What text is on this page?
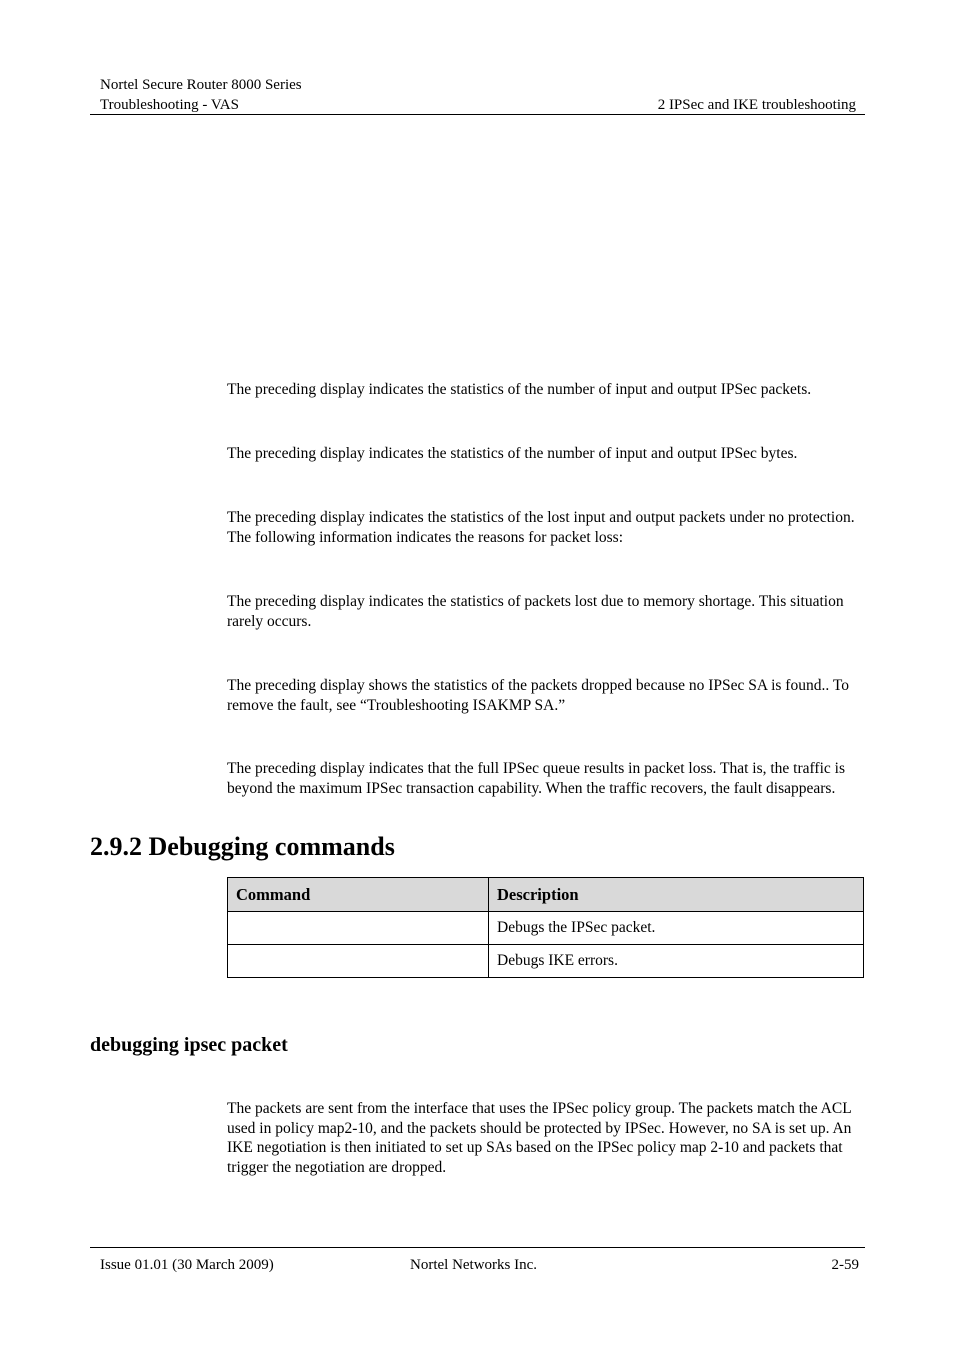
Nortel Secure Router 8000 Series
Troubleshooting - VAS	2 IPSec and IKE troubleshooting
The preceding display indicates the statistics of the number of input and output IPSec packets.
The preceding display indicates the statistics of the number of input and output IPSec bytes.
The preceding display indicates the statistics of the lost input and output packets under no protection. The following information indicates the reasons for packet loss:
The preceding display indicates the statistics of packets lost due to memory shortage. This situation rarely occurs.
The preceding display shows the statistics of the packets dropped because no IPSec SA is found.. To remove the fault, see “Troubleshooting ISAKMP SA.”
The preceding display indicates that the full IPSec queue results in packet loss. That is, the traffic is beyond the maximum IPSec transaction capability. When the traffic recovers, the fault disappears.
2.9.2 Debugging commands
Command	Description
	Debugs the IPSec packet.
	Debugs IKE errors.
debugging ipsec packet
The packets are sent from the interface that uses the IPSec policy group. The packets match the ACL used in policy map2-10, and the packets should be protected by IPSec. However, no SA is set up. An IKE negotiation is then initiated to set up SAs based on the IPSec policy map 2-10 and packets that trigger the negotiation are dropped.
Issue 01.01 (30 March 2009)	Nortel Networks Inc.	2-59
